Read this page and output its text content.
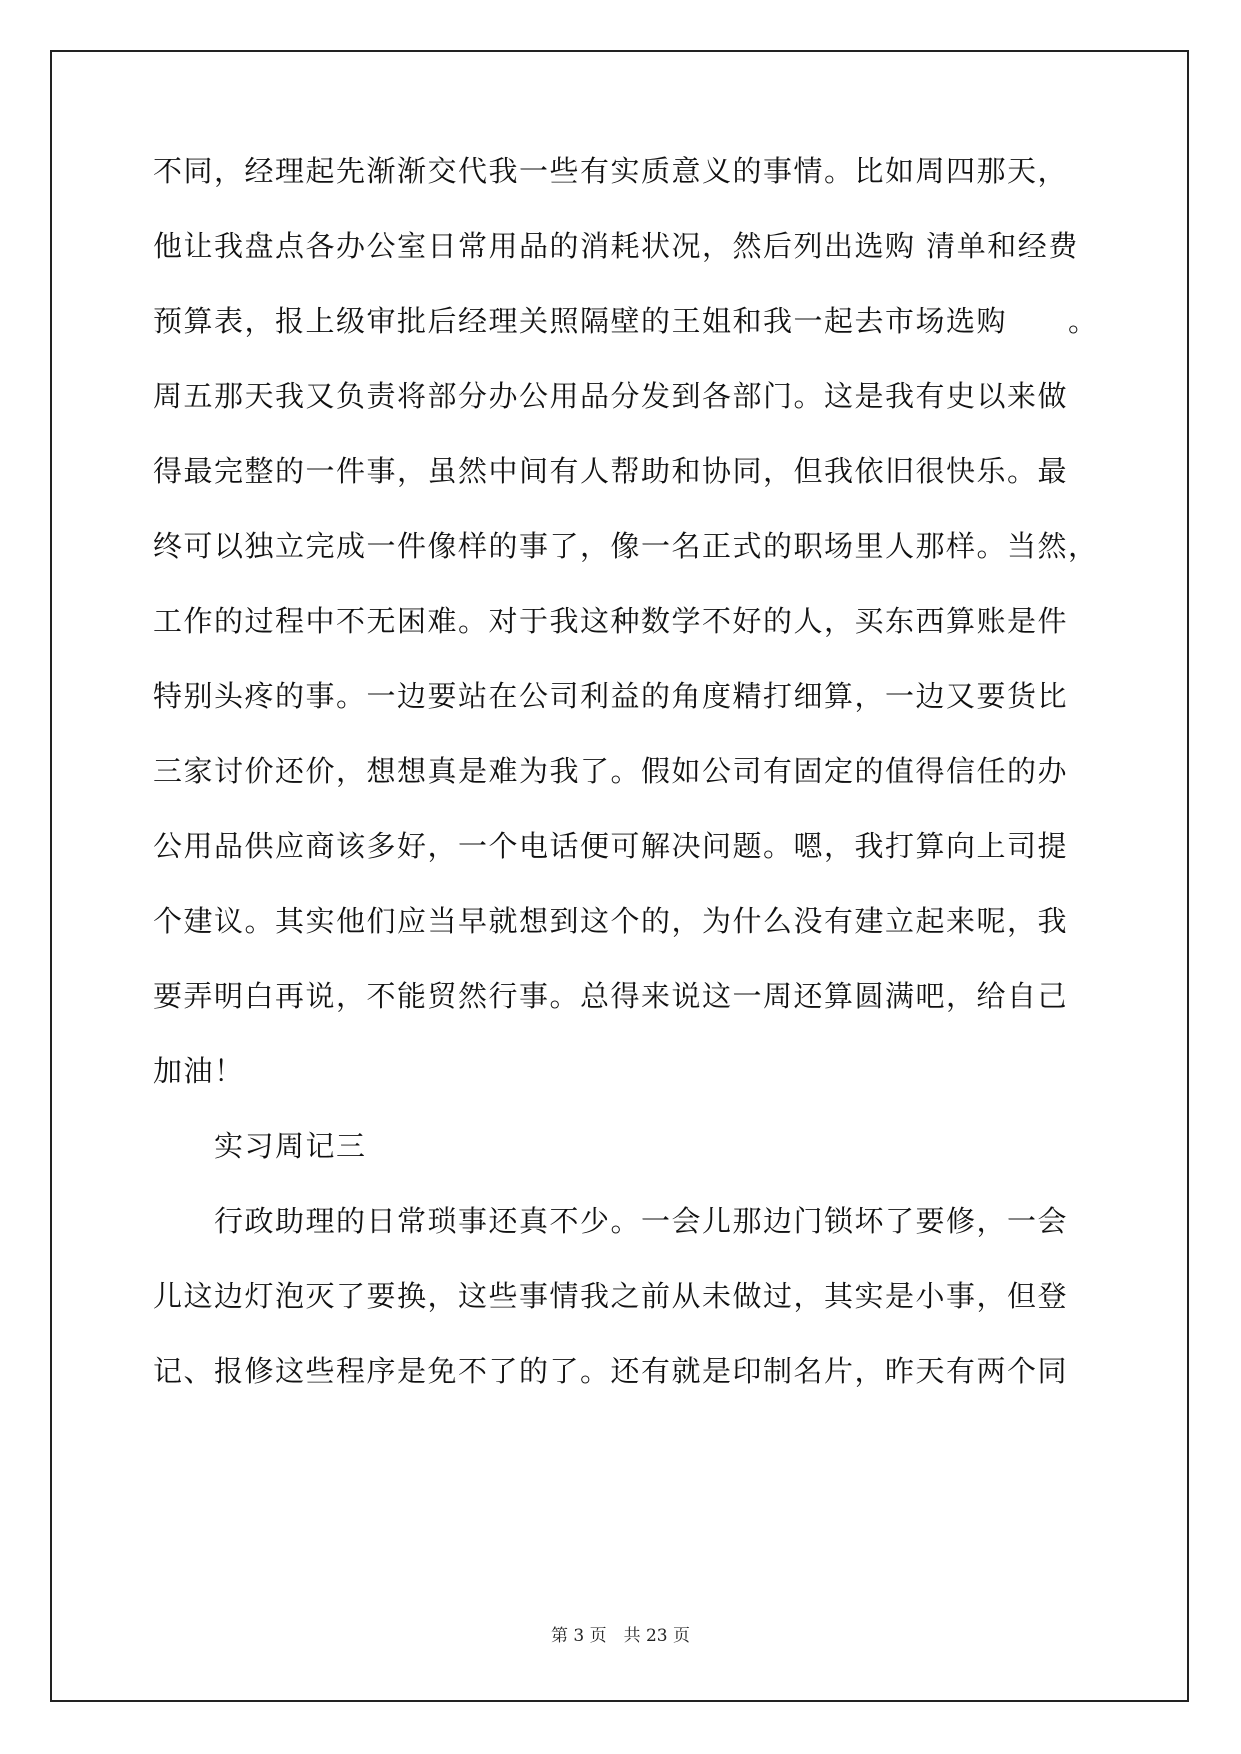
不同，经理起先渐渐交代我一些有实质意义的事情。比如周四那天，
他让我盘点各办公室日常用品的消耗状况，然后列出选购 清单和经费
预算表，报上级审批后经理关照隔壁的王姐和我一起去市场选购　　。
周五那天我又负责将部分办公用品分发到各部门。这是我有史以来做
得最完整的一件事，虽然中间有人帮助和协同，但我依旧很快乐。最
终可以独立完成一件像样的事了，像一名正式的职场里人那样。当然，
工作的过程中不无困难。对于我这种数学不好的人，买东西算账是件
特别头疼的事。一边要站在公司利益的角度精打细算，一边又要货比
三家讨价还价，想想真是难为我了。假如公司有固定的值得信任的办
公用品供应商该多好，一个电话便可解决问题。嗯，我打算向上司提
个建议。其实他们应当早就想到这个的，为什么没有建立起来呢，我
要弄明白再说，不能贸然行事。总得来说这一周还算圆满吧，给自己
加油！
　　实习周记三
　　行政助理的日常琐事还真不少。一会儿那边门锁坏了要修，一会
儿这边灯泡灭了要换，这些事情我之前从未做过，其实是小事，但登
记、报修这些程序是免不了的了。还有就是印制名片，昨天有两个同
第 3 页　共 23 页
